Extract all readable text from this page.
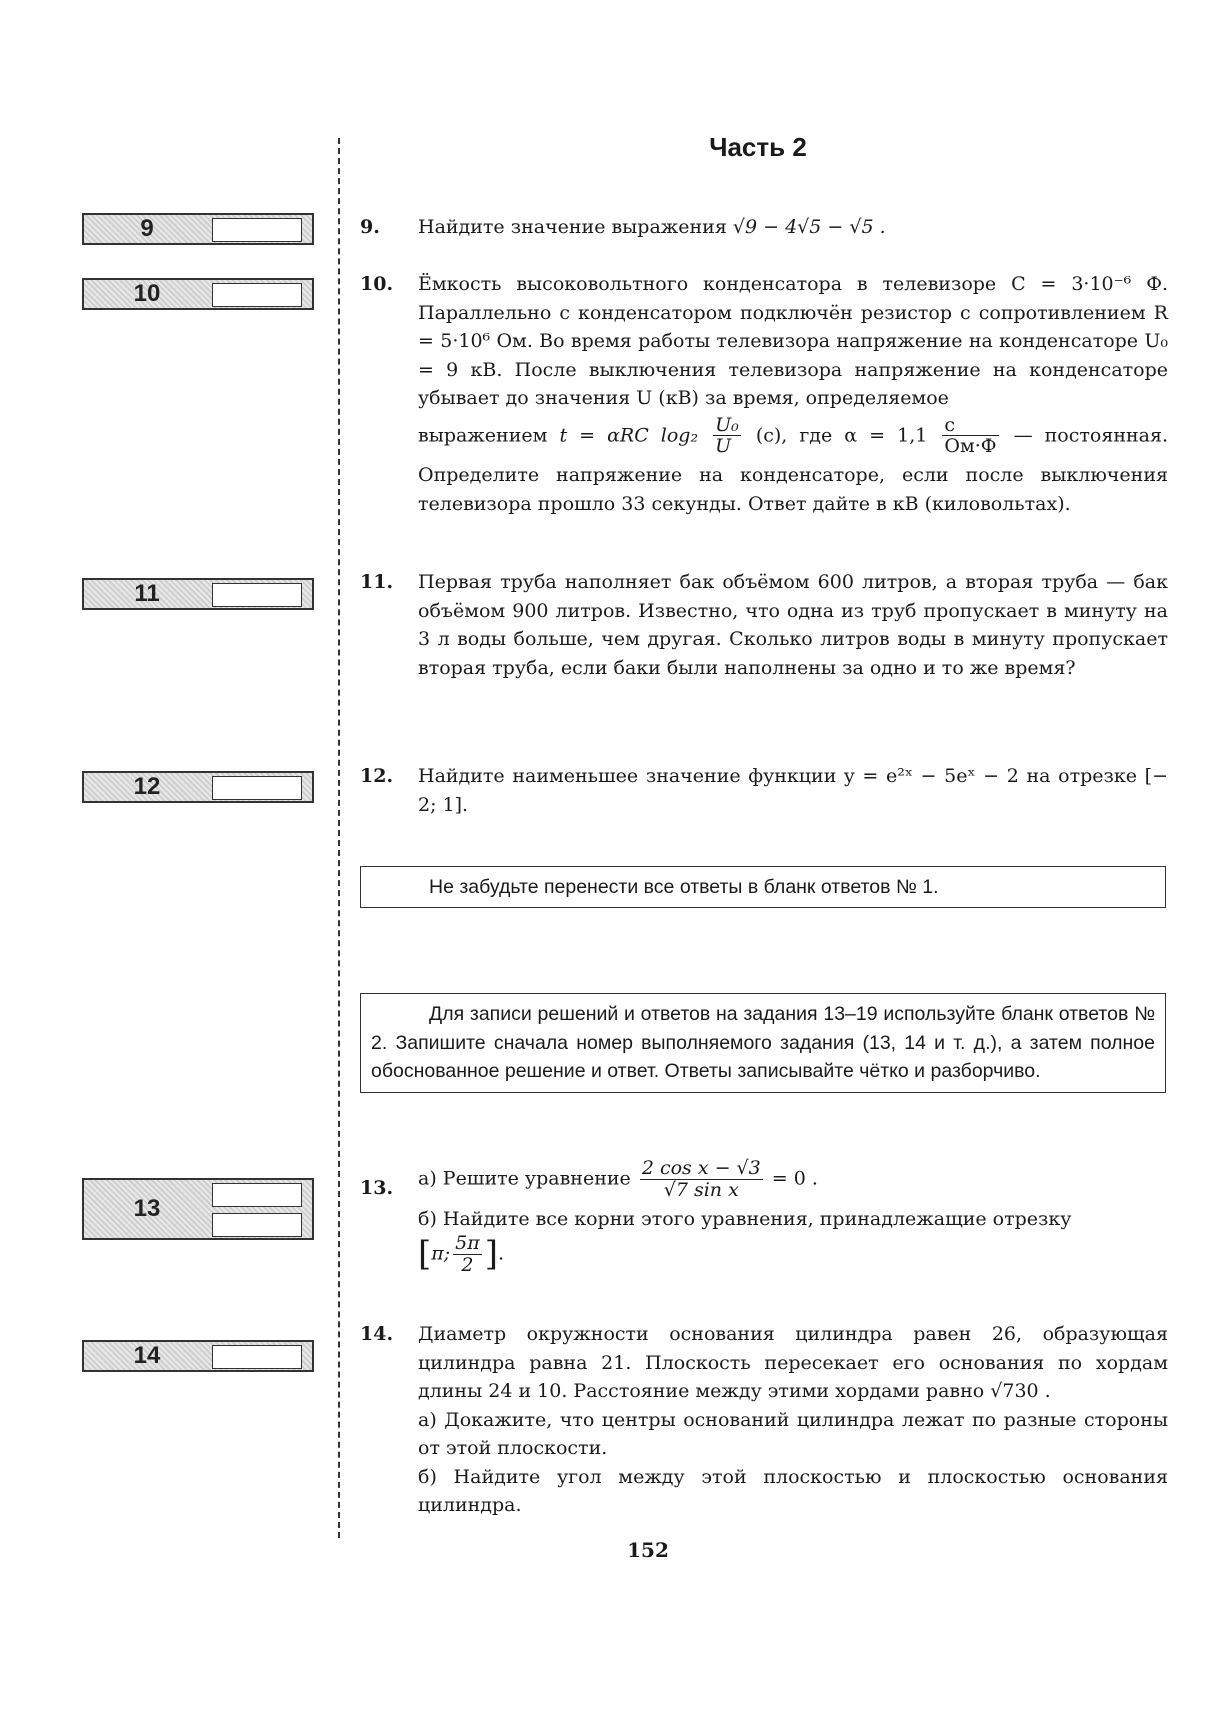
Часть 2
9
10
11
12
13
14
9. Найдите значение выражения √9 − 4√5 − √5 .
10. Ёмкость высоковольтного конденсатора в телевизоре C = 3·10⁻⁶ Ф. Параллельно с конденсатором подключён резистор с сопротивлением R = 5·10⁶ Ом. Во время работы телевизора напряжение на конденсаторе U₀ = 9 кВ. После выключения телевизора напряжение на конденсаторе убывает до значения U (кВ) за время, определяемое

выражением t = αRC $\log_2 \frac{\text{U₀}}{U} (с)$, где $\alpha = 1,1 \frac{с}{Ом\cdot Ф}$ — постоянная.

Определите напряжение на конденсаторе, если после выключения телевизора прошло 33 секунды. Ответ дайте в кВ (киловольтах).

11. Первая труба наполняет бак объёмом 600 литров, а вторая труба — бак объёмом 900 литров. Известно, что одна из труб пропускает в минуту на 3 л воды больше, чем другая. Сколько литров воды в минуту пропускает вторая труба, если баки были наполнены за одно и то же время?

12. Найдите наименьшее значение функции y = e²ˣ − 5eˣ − 2 на отрезке [− 2; 1].

Не забудьте перенести все ответы в бланк ответов № 1.
Для записи решений и ответов на задания 13–19 используйте бланк ответов № 2. Запишите сначала номер выполняемого задания (13, 14 и т. д.), а затем полное обоснованное решение и ответ. Ответы записывайте чётко и разборчиво.
13. а) Решите уравнение $\frac{\text{2 cos x − √3}}{\text{√7 sin x}} = 0$ .

б) Найдите все корни этого уравнения, принадлежащие отрезку
[π; $\frac{5\pi}{2}$ ].

14. Диаметр окружности основания цилиндра равен 26, образующая цилиндра равна 21. Плоскость пересекает его основания по хордам длины 24 и 10. Расстояние между этими хордами равно √730 .

а) Докажите, что центры оснований цилиндра лежат по разные стороны от этой плоскости.

б) Найдите угол между этой плоскостью и плоскостью основания цилиндра.

152
